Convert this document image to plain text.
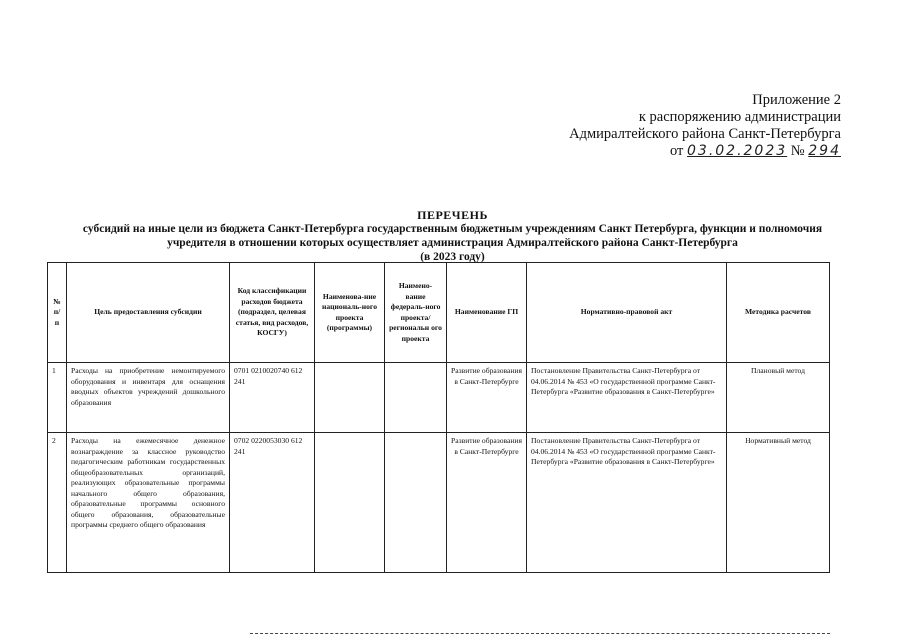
Приложение 2
к распоряжению администрации
Адмиралтейского района Санкт-Петербурга
от 03.02.2023 № 294
ПЕРЕЧЕНЬ
субсидий на иные цели из бюджета Санкт-Петербурга государственным бюджетным учреждениям Санкт Петербурга, функции и полномочия
учредителя в отношении которых осуществляет администрация Адмиралтейского района Санкт-Петербурга
(в 2023 году)
№ п/п	Цель предоставления субсидии	Код классификации расходов бюджета (подраздел, целевая статья, вид расходов, КОСГУ)	Наименова-ние националь-ного проекта (программы)	Наимено-вание федераль-ного проекта/ региональн ого проекта	Наименование ГП	Нормативно-правовой акт	Методика расчетов
1	Расходы на приобретение немонтируемого оборудования и инвентаря для оснащения вводных объектов учреждений дошкольного образования	0701 0210020740 612 241			Развитие образования в Санкт-Петербурге	Постановление Правительства Санкт-Петербурга от 04.06.2014 № 453 «О государственной программе Санкт-Петербурга «Развитие образования в Санкт-Петербурге»	Плановый метод
2	Расходы на ежемесячное денежное вознаграждение за классное руководство педагогическим работникам государственных общеобразовательных организаций, реализующих образовательные программы начального общего образования, образовательные программы основного общего образования, образовательные программы среднего общего образования	0702 0220053030 612 241			Развитие образования в Санкт-Петербурге	Постановление Правительства Санкт-Петербурга от 04.06.2014 № 453 «О государственной программе Санкт-Петербурга «Развитие образования в Санкт-Петербурге»	Нормативный метод
